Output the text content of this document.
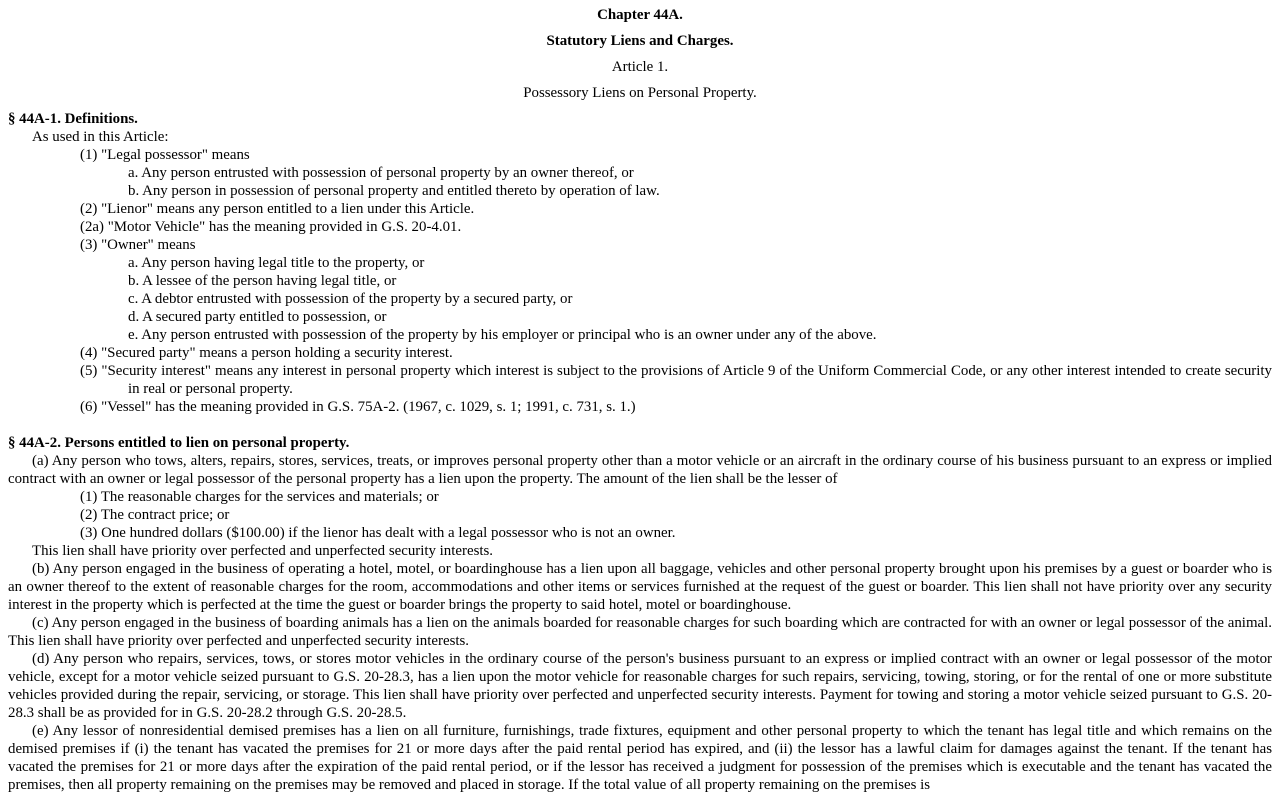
Chapter 44A.
Statutory Liens and Charges.
Article 1.
Possessory Liens on Personal Property.
§ 44A-1. Definitions.
As used in this Article:
(1) "Legal possessor" means
a. Any person entrusted with possession of personal property by an owner thereof, or
b. Any person in possession of personal property and entitled thereto by operation of law.
(2) "Lienor" means any person entitled to a lien under this Article.
(2a) "Motor Vehicle" has the meaning provided in G.S. 20-4.01.
(3) "Owner" means
a. Any person having legal title to the property, or
b. A lessee of the person having legal title, or
c. A debtor entrusted with possession of the property by a secured party, or
d. A secured party entitled to possession, or
e. Any person entrusted with possession of the property by his employer or principal who is an owner under any of the above.
(4) "Secured party" means a person holding a security interest.
(5) "Security interest" means any interest in personal property which interest is subject to the provisions of Article 9 of the Uniform Commercial Code, or any other interest intended to create security in real or personal property.
(6) "Vessel" has the meaning provided in G.S. 75A-2. (1967, c. 1029, s. 1; 1991, c. 731, s. 1.)
§ 44A-2. Persons entitled to lien on personal property.
(a) Any person who tows, alters, repairs, stores, services, treats, or improves personal property other than a motor vehicle or an aircraft in the ordinary course of his business pursuant to an express or implied contract with an owner or legal possessor of the personal property has a lien upon the property. The amount of the lien shall be the lesser of
(1) The reasonable charges for the services and materials; or
(2) The contract price; or
(3) One hundred dollars ($100.00) if the lienor has dealt with a legal possessor who is not an owner.
This lien shall have priority over perfected and unperfected security interests.
(b) Any person engaged in the business of operating a hotel, motel, or boardinghouse has a lien upon all baggage, vehicles and other personal property brought upon his premises by a guest or boarder who is an owner thereof to the extent of reasonable charges for the room, accommodations and other items or services furnished at the request of the guest or boarder. This lien shall not have priority over any security interest in the property which is perfected at the time the guest or boarder brings the property to said hotel, motel or boardinghouse.
(c) Any person engaged in the business of boarding animals has a lien on the animals boarded for reasonable charges for such boarding which are contracted for with an owner or legal possessor of the animal. This lien shall have priority over perfected and unperfected security interests.
(d) Any person who repairs, services, tows, or stores motor vehicles in the ordinary course of the person's business pursuant to an express or implied contract with an owner or legal possessor of the motor vehicle, except for a motor vehicle seized pursuant to G.S. 20-28.3, has a lien upon the motor vehicle for reasonable charges for such repairs, servicing, towing, storing, or for the rental of one or more substitute vehicles provided during the repair, servicing, or storage. This lien shall have priority over perfected and unperfected security interests. Payment for towing and storing a motor vehicle seized pursuant to G.S. 20-28.3 shall be as provided for in G.S. 20-28.2 through G.S. 20-28.5.
(e) Any lessor of nonresidential demised premises has a lien on all furniture, furnishings, trade fixtures, equipment and other personal property to which the tenant has legal title and which remains on the demised premises if (i) the tenant has vacated the premises for 21 or more days after the paid rental period has expired, and (ii) the lessor has a lawful claim for damages against the tenant. If the tenant has vacated the premises for 21 or more days after the expiration of the paid rental period, or if the lessor has received a judgment for possession of the premises which is executable and the tenant has vacated the premises, then all property remaining on the premises may be removed and placed in storage. If the total value of all property remaining on the premises is
